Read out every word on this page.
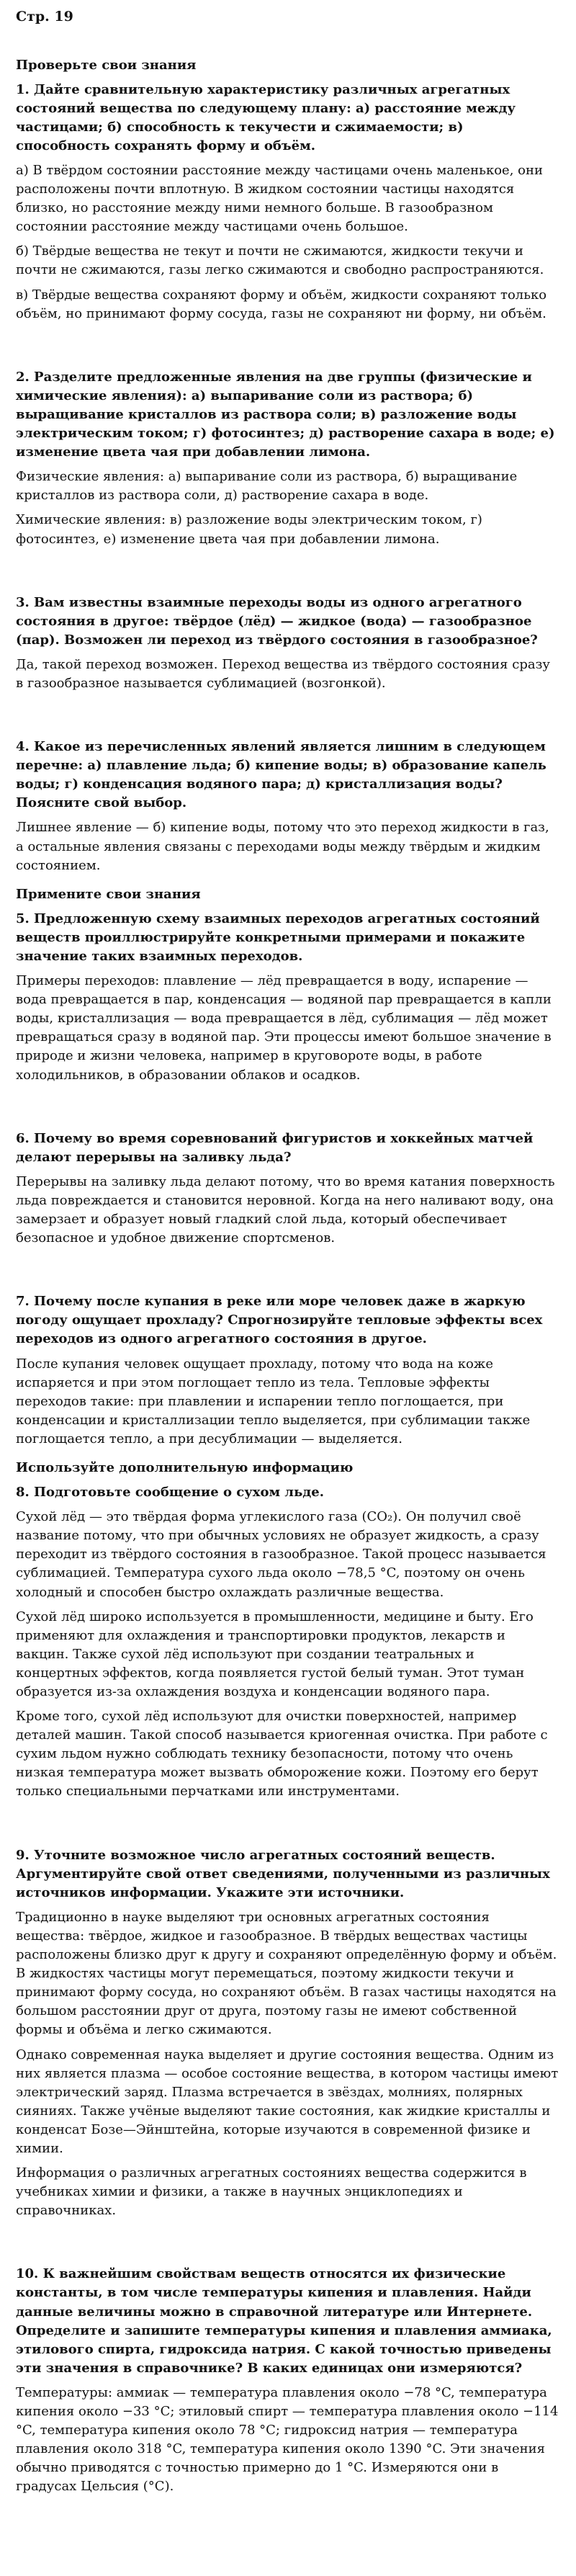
Стр. 19
Проверьте свои знания
1. Дайте сравнительную характеристику различных агрегатных состояний вещества по следующему плану: а) расстояние между частицами; б) способность к текучести и сжимаемости; в) способность сохранять форму и объём.
а) В твёрдом состоянии расстояние между частицами очень маленькое, они расположены почти вплотную. В жидком состоянии частицы находятся близко, но расстояние между ними немного больше. В газообразном состоянии расстояние между частицами очень большое.
б) Твёрдые вещества не текут и почти не сжимаются, жидкости текучи и почти не сжимаются, газы легко сжимаются и свободно распространяются.
в) Твёрдые вещества сохраняют форму и объём, жидкости сохраняют только объём, но принимают форму сосуда, газы не сохраняют ни форму, ни объём.
2. Разделите предложенные явления на две группы (физические и химические явления): а) выпаривание соли из раствора; б) выращивание кристаллов из раствора соли; в) разложение воды электрическим током; г) фотосинтез; д) растворение сахара в воде; е) изменение цвета чая при добавлении лимона.
Физические явления: а) выпаривание соли из раствора, б) выращивание кристаллов из раствора соли, д) растворение сахара в воде.
Химические явления: в) разложение воды электрическим током, г) фотосинтез, е) изменение цвета чая при добавлении лимона.
3. Вам известны взаимные переходы воды из одного агрегатного состояния в другое: твёрдое (лёд) — жидкое (вода) — газообразное (пар). Возможен ли переход из твёрдого состояния в газообразное?
Да, такой переход возможен. Переход вещества из твёрдого состояния сразу в газообразное называется сублимацией (возгонкой).
4. Какое из перечисленных явлений является лишним в следующем перечне: а) плавление льда; б) кипение воды; в) образование капель воды; г) конденсация водяного пара; д) кристаллизация воды? Поясните свой выбор.
Лишнее явление — б) кипение воды, потому что это переход жидкости в газ, а остальные явления связаны с переходами воды между твёрдым и жидким состоянием.
Примените свои знания
5. Предложенную схему взаимных переходов агрегатных состояний веществ проиллюстрируйте конкретными примерами и покажите значение таких взаимных переходов.
Примеры переходов: плавление — лёд превращается в воду, испарение — вода превращается в пар, конденсация — водяной пар превращается в капли воды, кристаллизация — вода превращается в лёд, сублимация — лёд может превращаться сразу в водяной пар. Эти процессы имеют большое значение в природе и жизни человека, например в круговороте воды, в работе холодильников, в образовании облаков и осадков.
6. Почему во время соревнований фигуристов и хоккейных матчей делают перерывы на заливку льда?
Перерывы на заливку льда делают потому, что во время катания поверхность льда повреждается и становится неровной. Когда на него наливают воду, она замерзает и образует новый гладкий слой льда, который обеспечивает безопасное и удобное движение спортсменов.
7. Почему после купания в реке или море человек даже в жаркую погоду ощущает прохладу? Спрогнозируйте тепловые эффекты всех переходов из одного агрегатного состояния в другое.
После купания человек ощущает прохладу, потому что вода на коже испаряется и при этом поглощает тепло из тела. Тепловые эффекты переходов такие: при плавлении и испарении тепло поглощается, при конденсации и кристаллизации тепло выделяется, при сублимации также поглощается тепло, а при десублимации — выделяется.
Используйте дополнительную информацию
8. Подготовьте сообщение о сухом льде.
Сухой лёд — это твёрдая форма углекислого газа (CO₂). Он получил своё название потому, что при обычных условиях не образует жидкость, а сразу переходит из твёрдого состояния в газообразное. Такой процесс называется сублимацией. Температура сухого льда около −78,5 °C, поэтому он очень холодный и способен быстро охлаждать различные вещества.
Сухой лёд широко используется в промышленности, медицине и быту. Его применяют для охлаждения и транспортировки продуктов, лекарств и вакцин. Также сухой лёд используют при создании театральных и концертных эффектов, когда появляется густой белый туман. Этот туман образуется из-за охлаждения воздуха и конденсации водяного пара.
Кроме того, сухой лёд используют для очистки поверхностей, например деталей машин. Такой способ называется криогенная очистка. При работе с сухим льдом нужно соблюдать технику безопасности, потому что очень низкая температура может вызвать обморожение кожи. Поэтому его берут только специальными перчатками или инструментами.
9. Уточните возможное число агрегатных состояний веществ. Аргументируйте свой ответ сведениями, полученными из различных источников информации. Укажите эти источники.
Традиционно в науке выделяют три основных агрегатных состояния вещества: твёрдое, жидкое и газообразное. В твёрдых веществах частицы расположены близко друг к другу и сохраняют определённую форму и объём. В жидкостях частицы могут перемещаться, поэтому жидкости текучи и принимают форму сосуда, но сохраняют объём. В газах частицы находятся на большом расстоянии друг от друга, поэтому газы не имеют собственной формы и объёма и легко сжимаются.
Однако современная наука выделяет и другие состояния вещества. Одним из них является плазма — особое состояние вещества, в котором частицы имеют электрический заряд. Плазма встречается в звёздах, молниях, полярных сияниях. Также учёные выделяют такие состояния, как жидкие кристаллы и конденсат Бозе—Эйнштейна, которые изучаются в современной физике и химии.
Информация о различных агрегатных состояниях вещества содержится в учебниках химии и физики, а также в научных энциклопедиях и справочниках.
10. К важнейшим свойствам веществ относятся их физические константы, в том числе температуры кипения и плавления. Найди данные величины можно в справочной литературе или Интернете. Определите и запишите температуры кипения и плавления аммиака, этилового спирта, гидроксида натрия. С какой точностью приведены эти значения в справочнике? В каких единицах они измеряются?
Температуры: аммиак — температура плавления около −78 °C, температура кипения около −33 °C; этиловый спирт — температура плавления около −114 °C, температура кипения около 78 °C; гидроксид натрия — температура плавления около 318 °C, температура кипения около 1390 °C. Эти значения обычно приводятся с точностью примерно до 1 °C. Измеряются они в градусах Цельсия (°C).
